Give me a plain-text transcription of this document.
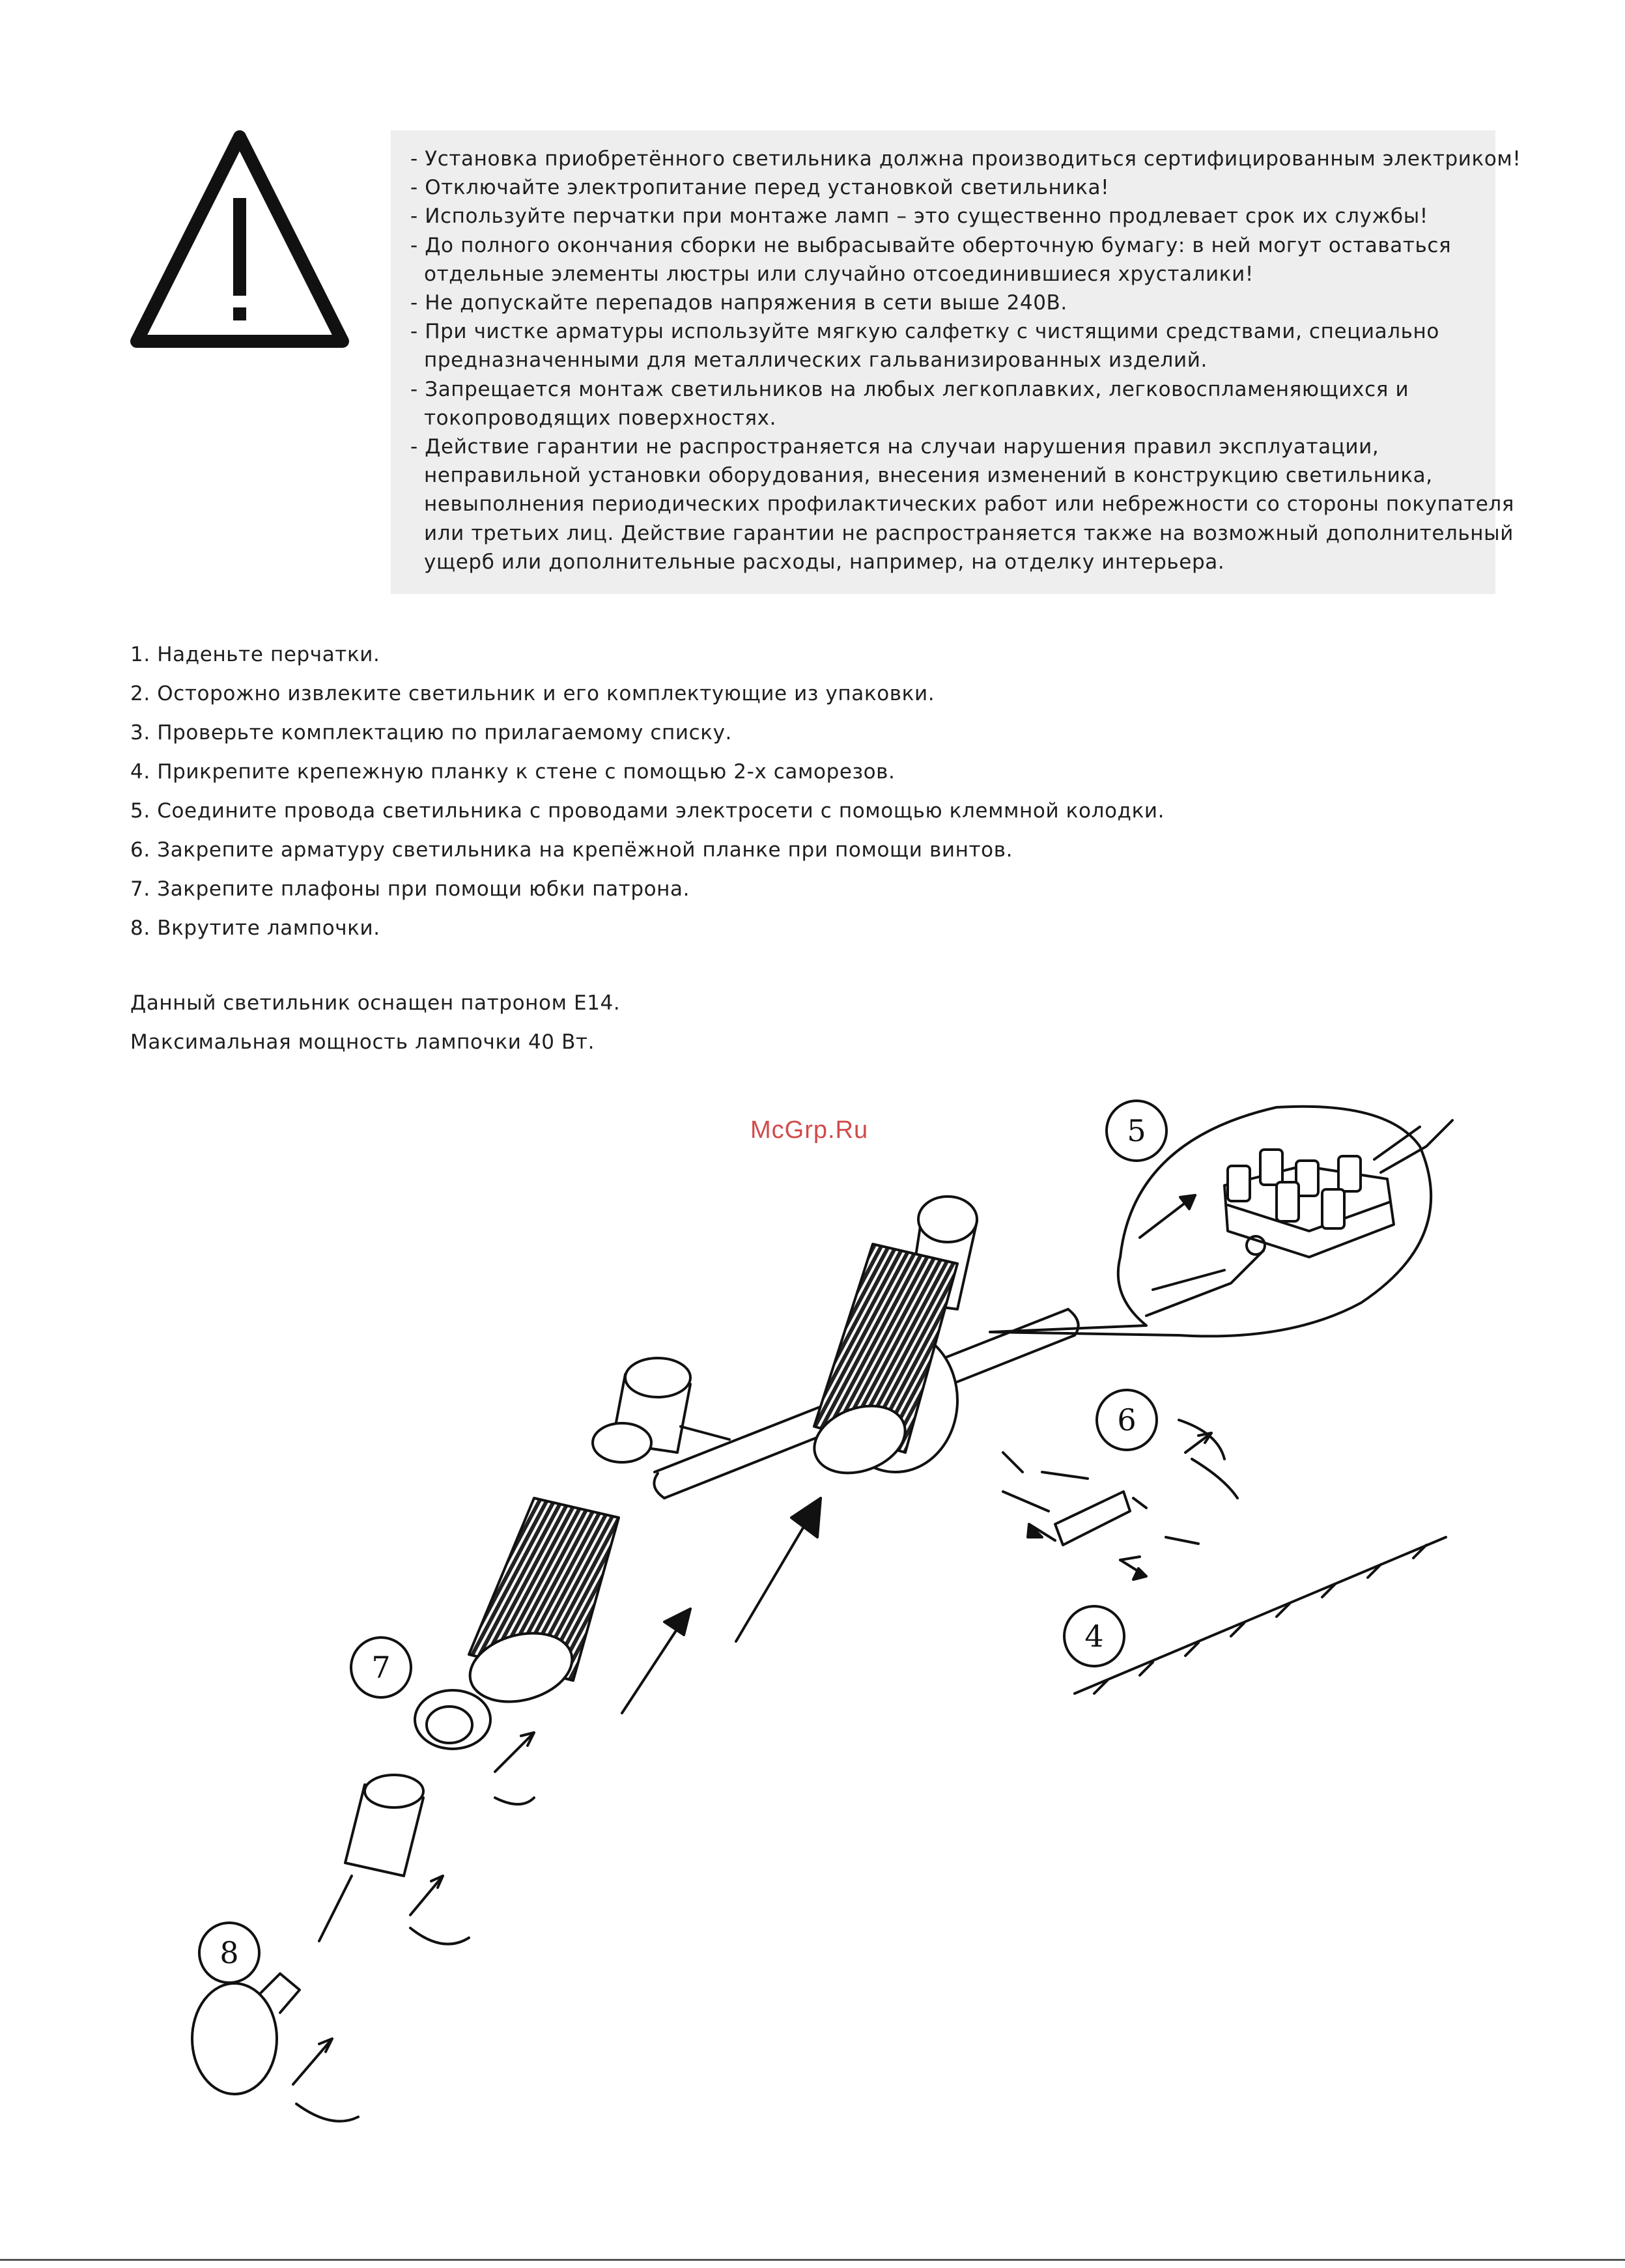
- Установка приобретённого светильника должна производиться сертифицированным электриком!

- Отключайте электропитание перед установкой светильника!

- Используйте перчатки при монтаже ламп – это существенно продлевает срок их службы!

- До полного окончания сборки не выбрасывайте оберточную бумагу: в ней могут оставаться

отдельные элементы люстры или случайно отсоединившиеся хрусталики!

- Не допускайте перепадов напряжения в сети выше 240В.

- При чистке арматуры используйте мягкую салфетку с чистящими средствами, специально

предназначенными для металлических гальванизированных изделий.

- Запрещается монтаж светильников на любых легкоплавких, легковоспламеняющихся и

токопроводящих поверхностях.

- Действие гарантии не распространяется на случаи нарушения правил эксплуатации,

неправильной установки оборудования, внесения изменений в конструкцию светильника,

невыполнения периодических профилактических работ или небрежности со стороны покупателя

или третьих лиц. Действие гарантии не распространяется также на возможный дополнительный

ущерб или дополнительные расходы, например, на отделку интерьера.

1. Наденьте перчатки.
2. Осторожно извлеките светильник и его комплектующие из упаковки.
3. Проверьте комплектацию по прилагаемому списку.
4. Прикрепите крепежную планку к стене с помощью 2-х саморезов.
5. Соедините провода светильника с проводами электросети с помощью клеммной колодки.
6. Закрепите арматуру светильника на крепёжной планке при помощи винтов.
7. Закрепите плафоны при помощи юбки патрона.
8. Вкрутите лампочки.

Данный светильник оснащен патроном E14.

Максимальная мощность лампочки 40 Вт.

McGrp.Ru	5
6
4
7
8
